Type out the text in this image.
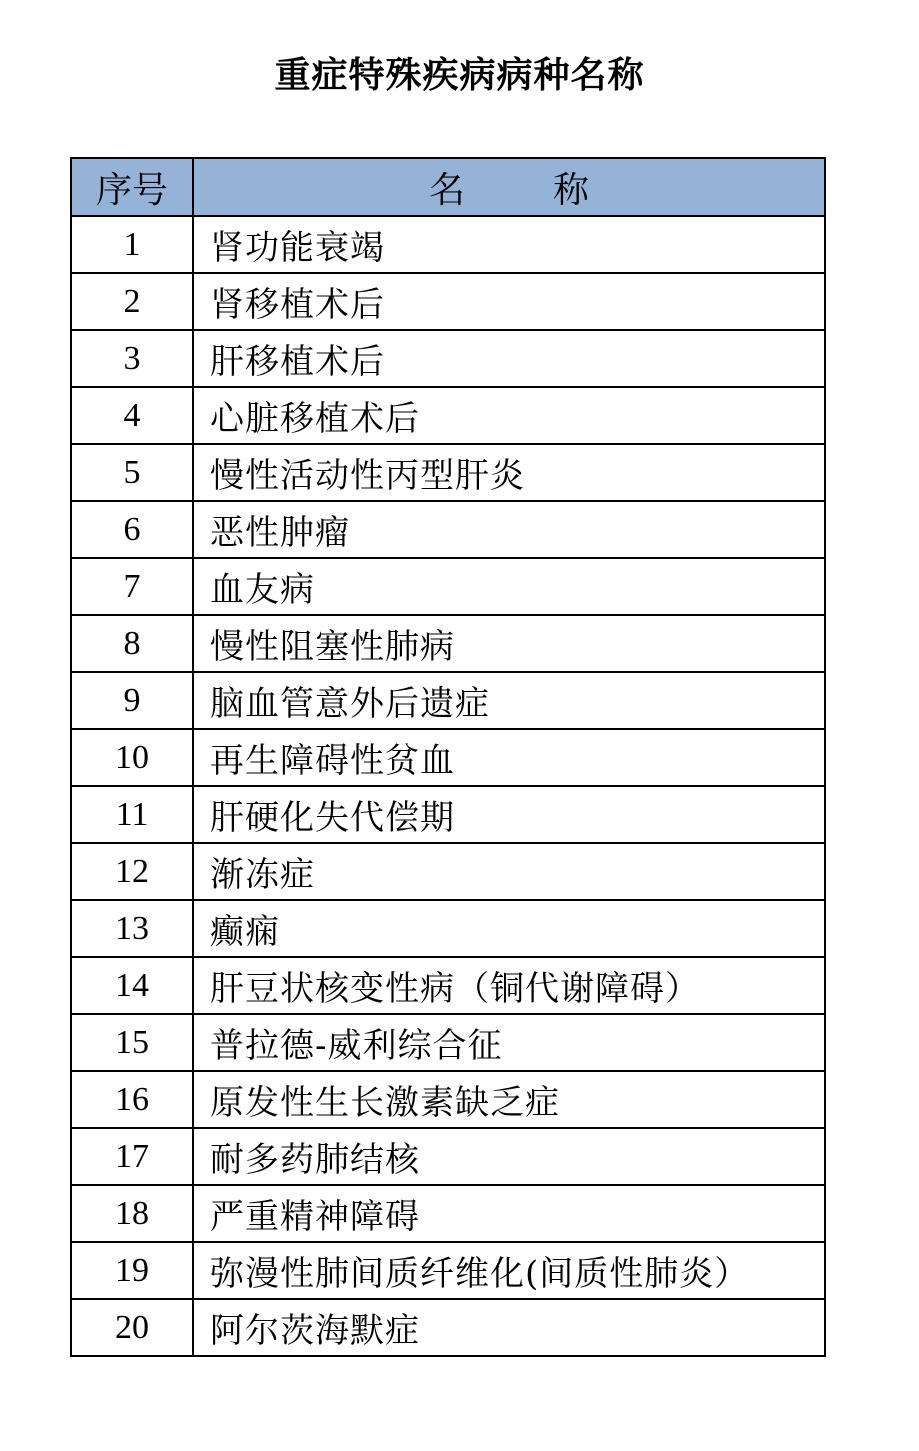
重症特殊疾病病种名称
序号	名 称
1	肾功能衰竭
2	肾移植术后
3	肝移植术后
4	心脏移植术后
5	慢性活动性丙型肝炎
6	恶性肿瘤
7	血友病
8	慢性阻塞性肺病
9	脑血管意外后遗症
10	再生障碍性贫血
11	肝硬化失代偿期
12	渐冻症
13	癫痫
14	肝豆状核变性病（铜代谢障碍）
15	普拉德-威利综合征
16	原发性生长激素缺乏症
17	耐多药肺结核
18	严重精神障碍
19	弥漫性肺间质纤维化(间质性肺炎）
20	阿尔茨海默症
